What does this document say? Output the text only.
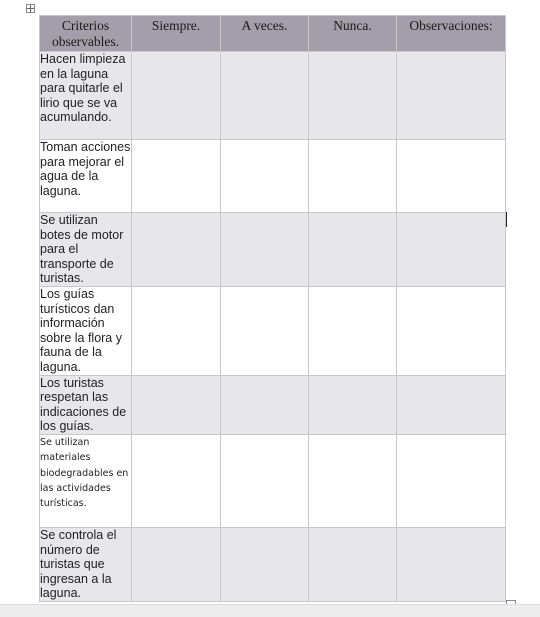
Criterios observables.	Siempre.	A veces.	Nunca.	Observaciones:
Hacen limpieza en la laguna para quitarle el lirio que se va acumulando.				
Toman acciones para mejorar el agua de la laguna.				
Se utilizan botes de motor para el transporte de turistas.				
Los guías turísticos dan información sobre la flora y fauna de la laguna.				
Los turistas respetan las indicaciones de los guías.				
Se utilizan materiales biodegradables en las actividades turísticas.				
Se controla el número de turistas que ingresan a la laguna.				
